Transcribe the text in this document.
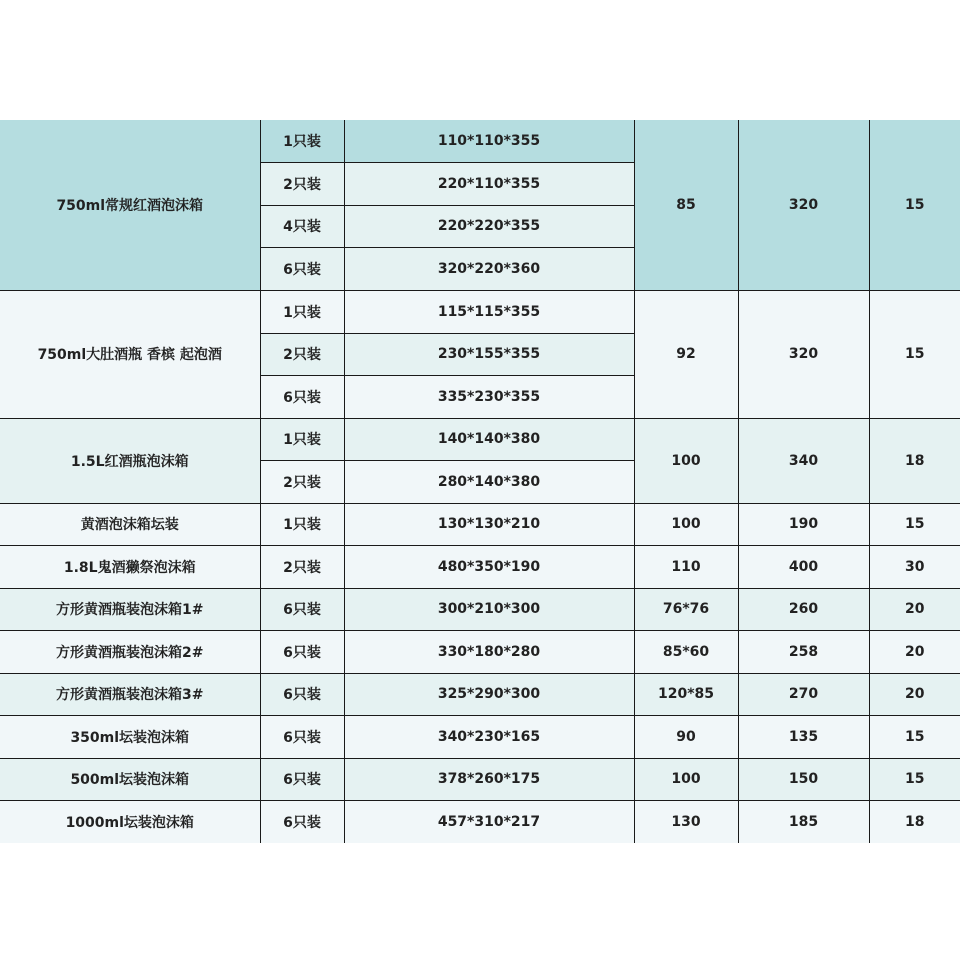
750ml常规红酒泡沫箱	1只装	110*110*355	85	320	15
	2只装	220*110*355			
	4只装	220*220*355			
	6只装	320*220*360			
750ml大肚酒瓶 香槟 起泡酒	1只装	115*115*355	92	320	15
	2只装	230*155*355			
	6只装	335*230*355			
1.5L红酒瓶泡沫箱	1只装	140*140*380	100	340	18
	2只装	280*140*380			
黄酒泡沫箱坛装	1只装	130*130*210	100	190	15
1.8L鬼酒獭祭泡沫箱	2只装	480*350*190	110	400	30
方形黄酒瓶装泡沫箱1#	6只装	300*210*300	76*76	260	20
方形黄酒瓶装泡沫箱2#	6只装	330*180*280	85*60	258	20
方形黄酒瓶装泡沫箱3#	6只装	325*290*300	120*85	270	20
350ml坛装泡沫箱	6只装	340*230*165	90	135	15
500ml坛装泡沫箱	6只装	378*260*175	100	150	15
1000ml坛装泡沫箱	6只装	457*310*217	130	185	18
